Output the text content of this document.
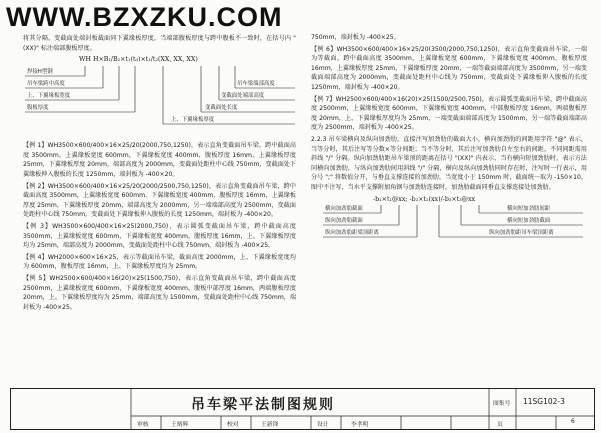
WWW.BZXZKU.COM

将其分隔。变截面处端封板截面同下翼缘板厚度，当端部腹板厚度与跨中腹板不一致时，在括号内 "(XX)" 标注端部腹板厚度。

WH H×B₁/B₂×t₁(t₀)×t₁/t₂(XX, XX, XX)
焊接H型钢
吊车梁跨中高度
上、下翼缘板宽度
腹板厚度
吊车梁端部高度
变截面处端部高度
变截面处长度
上、下翼缘板厚度

【例 1】WH3500×600/400×16×25/20(2000,750,1250)，表示直角变截面吊车梁，跨中截面高度 3500mm，上翼缘板宽度 600mm，下翼缘板宽度 400mm，腹板厚度 16mm，上翼缘板厚度 25mm，下翼缘板厚度 20mm，端部高度为 2000mm，变截面处距柱中心线 750mm，变截面处下翼缘板伸入腹板的长度 1250mm，端封板为 -400×20。

【例 2】WH3500×600/400×16×25/20(2000/2500,750,1250)，表示直角变截面吊车梁，跨中截面高度 3500mm，上翼缘板宽度 600mm，下翼缘板宽度 400mm，腹板厚度 16mm，上翼缘板厚度 25mm，下翼缘板厚度 20mm，端部高度为 2000mm，另一端端部高度为 2500mm，变截面处距柱中心线 750mm，变截面处下翼缘板伸入腹板的长度 1250mm，端封板为 -400×20。

【例 3】WH3500×600/400×16×25(2000,750)，表示圆弧变截面吊车梁，跨中截面高度 3500mm，上翼缘板宽度 600mm，下翼缘板宽度 400mm，腹板厚度 16mm，上、下翼缘板厚度均为 25mm，端部高度为 2000mm，变截面处距柱中心线 750mm，端封板为 -400×25。

【例 4】WH2000×600×16×25，表示等截面吊车梁，截面高度 2000mm，上、下翼缘板宽度均为 600mm，腹板厚度 16mm，上、下翼缘板厚度均为 25mm。

【例 5】WH2500×600/400×16(20)×25(1500,750)，表示直角变截面吊车梁，跨中截面高度 2500mm，上翼缘板宽度 600mm，下翼缘板宽度 400mm，腹板中部厚度 16mm，两端腹板厚度 20mm，上、下翼缘板厚度均为 25mm，端部高度为 1500mm，变截面处距柱中心线 750mm，端封板为 -400×25。

750mm，端封板为 -400×25。

【例 6】WH3500×600/400×16×25/20(3500/2000,750,1250)，表示直角变截面吊车梁，一端为等截面，跨中截面高度 3500mm，上翼缘板宽度 600mm，下翼缘板宽度 400mm，腹板厚度 16mm，上翼缘板厚度 25mm，下翼缘板厚度 20mm，一端等截面端部高度为 3500mm，另一端变截面端部高度为 2000mm，变截面处距柱中心线为 750mm，变截面处下翼缘板伸入腹板的长度 1250mm，端封板为 -400×20。

【例 7】WH2500×600/400×16(20)×25(1500/2500,750)，表示圆弧变截面吊车梁，跨中截面高度 2500mm，上翼缘板宽度 600mm，下翼缘板宽度 400mm，中部腹板厚度 16mm，两端腹板厚度 20mm，上、下翼缘板厚度均为 25mm，一端变截面端部高度为 1500mm，另一端等截面端部高度为 2500mm，端封板为 -400×25。

2.2.3 吊车梁横向及纵向加劲肋，直接注写加劲肋的截面大小，横向加劲肋的间距用字符 "@" 表示，当等分时，其后注写等分数×等分间距；当不等分时，其后注写加劲肋自左至右的间距，不同间距需用斜线 "/" 分隔。纵向加劲肋距吊车梁顶的距离在括号 "(XX)" 内表示，当有横向短加劲肋时，表示方法同横向加劲肋，与纵向加劲肋间用斜线 "/" 分隔，横向及纵向加劲肋同时存在时，注写时一行表示，用分号 ";" 将数值分开，与垂直支撑连接的加劲肋，当宽度小于 150mm 时，截面统一取为 -150×10，图中不注写，当水平支撑附加角钢与加劲肋连接时，加劲肋截面同垂直支撑连接处加劲肋。

-b₁×t₁@xx; -b₂×t₂(xx)/-b₃×t₃@xx
横向加劲肋截面
纵向加劲肋截面
纵向加劲肋距梁顶距离
横向短加劲肋间距
横向短加劲肋截面
纵向加劲肋距吊车梁顶距离
吊车梁平法制图规则	图集号 11SG102-3
审核	王炳辉	校对	王新锋	设计	李孝明	页	6
